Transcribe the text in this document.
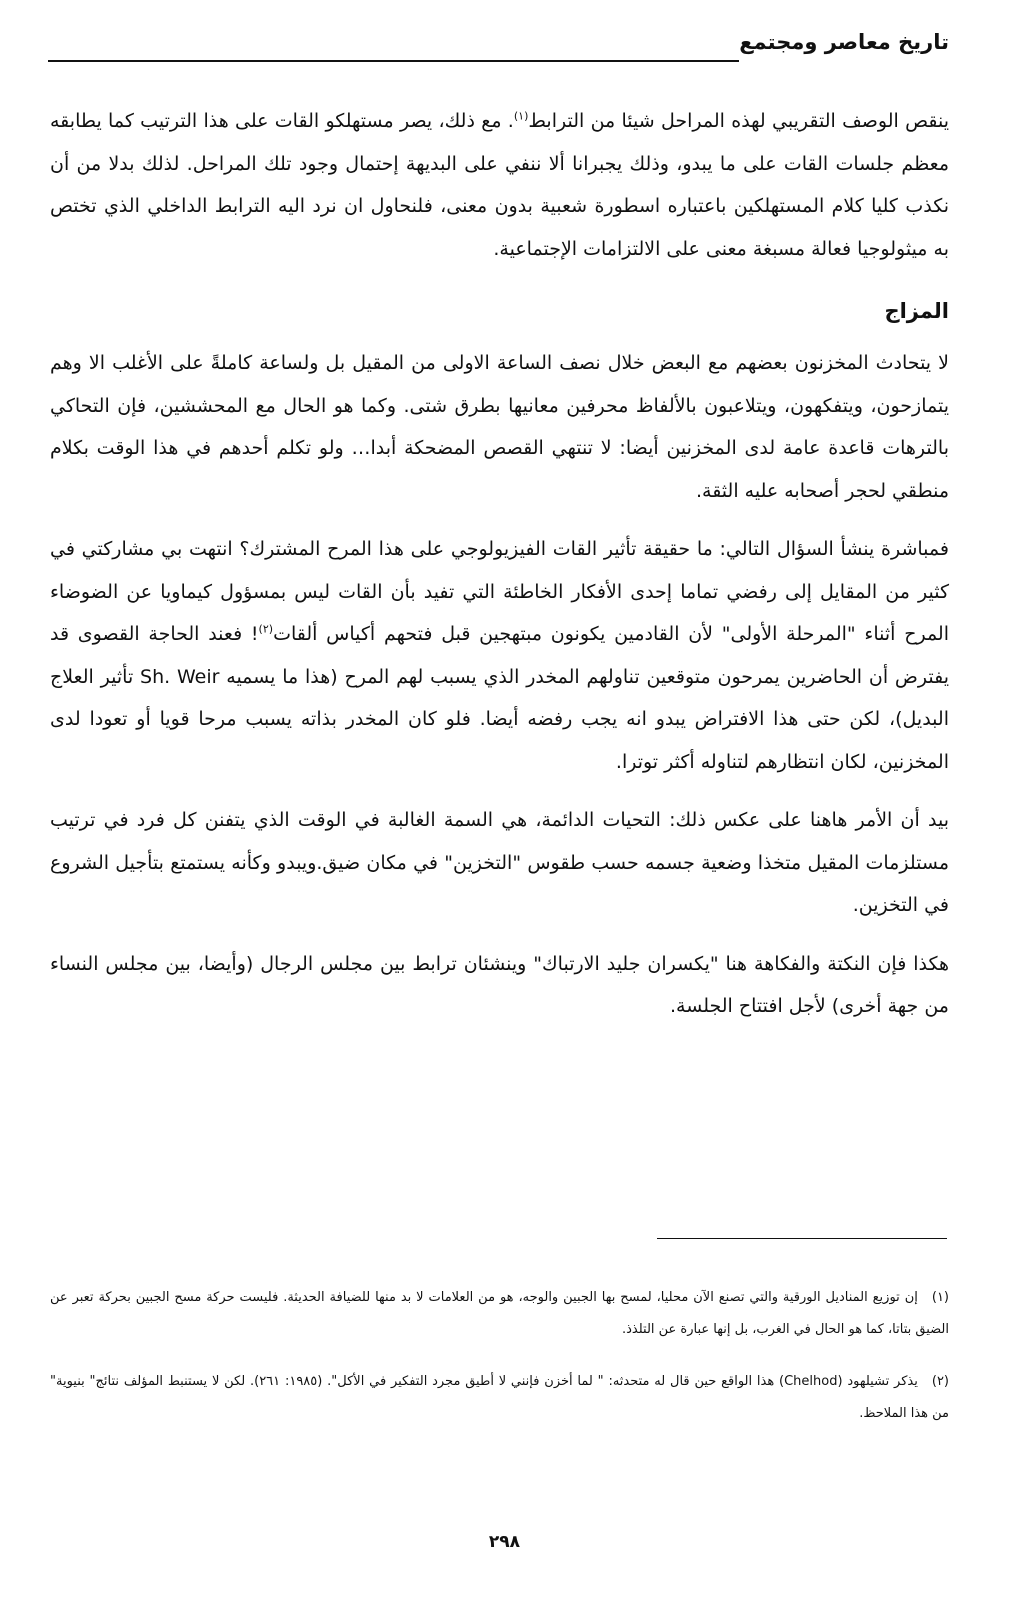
تاريخ معاصر ومجتمع

ينقص الوصف التقريبي لهذه المراحل شيئا من الترابط$^{(١)}$. مع ذلك، يصر مستهلكو القات على هذا الترتيب كما يطابقه معظم جلسات القات على ما يبدو، وذلك يجبرانا ألا ننفي على البديهة إحتمال وجود تلك المراحل. لذلك بدلا من أن نكذب كليا كلام المستهلكين باعتباره اسطورة شعبية بدون معنى، فلنحاول ان نرد اليه الترابط الداخلي الذي تختص به ميثولوجيا فعالة مسبغة معنى على الالتزامات الإجتماعية.

المزاج

لا يتحادث المخزنون بعضهم مع البعض خلال نصف الساعة الاولى من المقيل بل ولساعة كاملةً على الأغلب الا وهم يتمازحون، ويتفكهون، ويتلاعبون بالألفاظ محرفين معانيها بطرق شتى. وكما هو الحال مع المحششين، فإن التحاكي بالترهات قاعدة عامة لدى المخزنين أيضا: لا تنتهي القصص المضحكة أبدا… ولو تكلم أحدهم في هذا الوقت بكلام منطقي لحجر أصحابه عليه الثقة.

فمباشرة ينشأ السؤال التالي: ما حقيقة تأثير القات الفيزيولوجي على هذا المرح المشترك؟ انتهت بي مشاركتي في كثير من المقايل إلى رفضي تماما إحدى الأفكار الخاطئة التي تفيد بأن القات ليس بمسؤول كيماويا عن الضوضاء المرح أثناء "المرحلة الأولى" لأن القادمين يكونون مبتهجين قبل فتحهم أكياس ألقات$^{(٢)}$! فعند الحاجة القصوى قد يفترض أن الحاضرين يمرحون متوقعين تناولهم المخدر الذي يسبب لهم المرح (هذا ما يسميه Sh. Weir تأثير العلاج البديل)، لكن حتى هذا الافتراض يبدو انه يجب رفضه أيضا. فلو كان المخدر بذاته يسبب مرحا قويا أو تعودا لدى المخزنين، لكان انتظارهم لتناوله أكثر توترا.

بيد أن الأمر هاهنا على عكس ذلك: التحيات الدائمة، هي السمة الغالبة في الوقت الذي يتفنن كل فرد في ترتيب مستلزمات المقيل متخذا وضعية جسمه حسب طقوس "التخزين" في مكان ضيق.ويبدو وكأنه يستمتع بتأجيل الشروع في التخزين.

هكذا فإن النكتة والفكاهة هنا "يكسران جليد الارتباك" وينشئان ترابط بين مجلس الرجال (وأيضا، بين مجلس النساء من جهة أخرى) لأجل افتتاح الجلسة.

(١)إن توزيع المناديل الورقية والتي تصنع الآن محليا، لمسح بها الجبين والوجه، هو من العلامات لا بد منها للضيافة الحديثة. فليست حركة مسح الجبين بحركة تعبر عن الضيق بتاتا، كما هو الحال في الغرب، بل إنها عبارة عن التلذذ.

(٢)يذكر تشيلهود (Chelhod) هذا الواقع حين قال له متحدثه: " لما أخزن فإنني لا أطيق مجرد التفكير في الأكل". (١٩٨٥: ٢٦١). لكن لا يستنبط المؤلف نتائج" بنيوية" من هذا الملاحظ.

٢٩٨
